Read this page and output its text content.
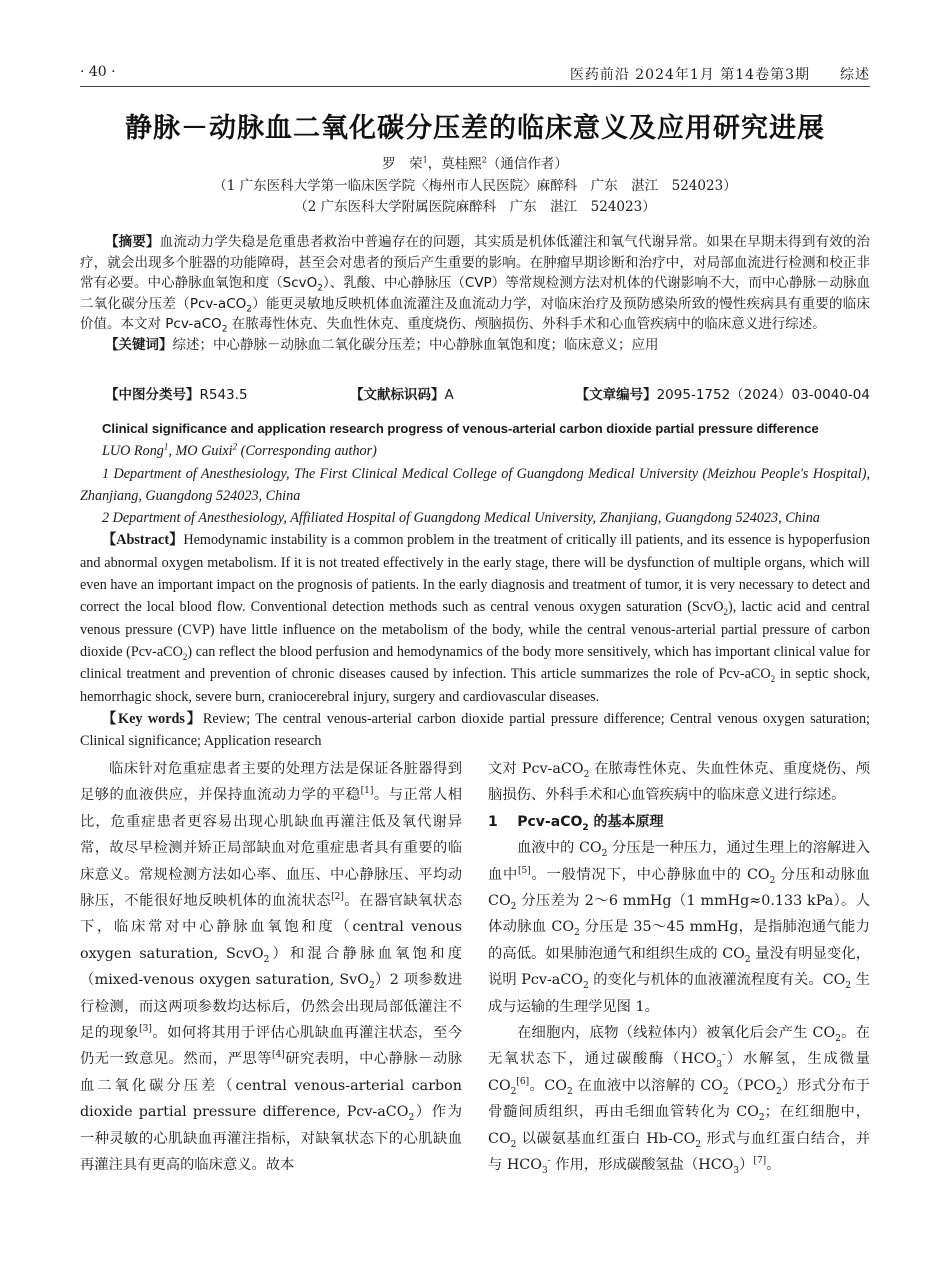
· 40 ·	医药前沿 2024年1月 第14卷第3期 综述
静脉－动脉血二氧化碳分压差的临床意义及应用研究进展
罗　荣$^1$，莫桂熙$^2$（通信作者）
（1 广东医科大学第一临床医学院〈梅州市人民医院〉麻醉科　广东　湛江　524023）
（2 广东医科大学附属医院麻醉科　广东　湛江　524023）

【摘要】血流动力学失稳是危重患者救治中普遍存在的问题，其实质是机体低灌注和氧气代谢异常。如果在早期未得到有效的治疗，就会出现多个脏器的功能障碍，甚至会对患者的预后产生重要的影响。在肿瘤早期诊断和治疗中，对局部血流进行检测和校正非常有必要。中心静脉血氧饱和度（ScvO$_2$）、乳酸、中心静脉压（CVP）等常规检测方法对机体的代谢影响不大，而中心静脉－动脉血二氧化碳分压差（Pcv-aCO$_2$）能更灵敏地反映机体血流灌注及血流动力学，对临床治疗及预防感染所致的慢性疾病具有重要的临床价值。本文对 Pcv-aCO$_2$ 在脓毒性休克、失血性休克、重度烧伤、颅脑损伤、外科手术和心血管疾病中的临床意义进行综述。

【关键词】综述；中心静脉－动脉血二氧化碳分压差；中心静脉血氧饱和度；临床意义；应用

【中图分类号】R543.5	【文献标识码】A	【文章编号】2095-1752（2024）03-0040-04

Clinical significance and application research progress of venous-arterial carbon dioxide partial pressure difference

LUO Rong$^1$, MO Guixi$^2$ (Corresponding author)

1 Department of Anesthesiology, The First Clinical Medical College of Guangdong Medical University (Meizhou People's Hospital), Zhanjiang, Guangdong 524023, China

2 Department of Anesthesiology, Affiliated Hospital of Guangdong Medical University, Zhanjiang, Guangdong 524023, China

【Abstract】Hemodynamic instability is a common problem in the treatment of critically ill patients, and its essence is hypoperfusion and abnormal oxygen metabolism. If it is not treated effectively in the early stage, there will be dysfunction of multiple organs, which will even have an important impact on the prognosis of patients. In the early diagnosis and treatment of tumor, it is very necessary to detect and correct the local blood flow. Conventional detection methods such as central venous oxygen saturation (ScvO$_2$), lactic acid and central venous pressure (CVP) have little influence on the metabolism of the body, while the central venous-arterial partial pressure of carbon dioxide (Pcv-aCO$_2$) can reflect the blood perfusion and hemodynamics of the body more sensitively, which has important clinical value for clinical treatment and prevention of chronic diseases caused by infection. This article summarizes the role of Pcv-aCO$_2$ in septic shock, hemorrhagic shock, severe burn, craniocerebral injury, surgery and cardiovascular diseases.

【Key words】Review; The central venous-arterial carbon dioxide partial pressure difference; Central venous oxygen saturation; Clinical significance; Application research

临床针对危重症患者主要的处理方法是保证各脏器得到足够的血液供应，并保持血流动力学的平稳[1]。与正常人相比，危重症患者更容易出现心肌缺血再灌注低及氧代谢异常，故尽早检测并矫正局部缺血对危重症患者具有重要的临床意义。常规检测方法如心率、血压、中心静脉压、平均动脉压，不能很好地反映机体的血流状态[2]。在器官缺氧状态下，临床常对中心静脉血氧饱和度（central venous oxygen saturation, ScvO$_2$）和混合静脉血氧饱和度（mixed-venous oxygen saturation, SvO$_2$）2 项参数进行检测，而这两项参数均达标后，仍然会出现局部低灌注不足的现象[3]。如何将其用于评估心肌缺血再灌注状态，至今仍无一致意见。然而，严思等[4]研究表明，中心静脉－动脉血二氧化碳分压差（central venous-arterial carbon dioxide partial pressure difference, Pcv-aCO$_2$）作为一种灵敏的心肌缺血再灌注指标，对缺氧状态下的心肌缺血再灌注具有更高的临床意义。故本

文对 Pcv-aCO$_2$ 在脓毒性休克、失血性休克、重度烧伤、颅脑损伤、外科手术和心血管疾病中的临床意义进行综述。

1 Pcv-aCO$_2$ 的基本原理

血液中的 $CO_2$ 分压是一种压力，通过生理上的溶解进入血中[5]。一般情况下，中心静脉血中的 $CO_2$ 分压和动脉血 $CO_2$ 分压差为 2～6 mmHg（1 mmHg≈0.133 kPa）。人体动脉血 $CO_2$ 分压是 35～45 mmHg，是指肺泡通气能力的高低。如果肺泡通气和组织生成的 $CO_2$ 量没有明显变化，说明 Pcv-aCO$_2$ 的变化与机体的血液灌流程度有关。$CO_2$ 生成与运输的生理学见图 1。

在细胞内，底物（线粒体内）被氧化后会产生 $CO_2$。在无氧状态下，通过碳酸酶$(HCO_3^-)$水解氢，生成微量 $CO_2[6]$。$CO_2$ 在血液中以溶解的 $CO_2(PCO_2)$形式分布于骨髓间质组织，再由毛细血管转化为 $CO_2$；在红细胞中，$CO_2$ 以碳氨基血红蛋白 $Hb-CO_2$ 形式与血红蛋白结合，并与 $HCO_3^-$ 作用，形成碳酸氢盐$(HCO_3)[7]$。
